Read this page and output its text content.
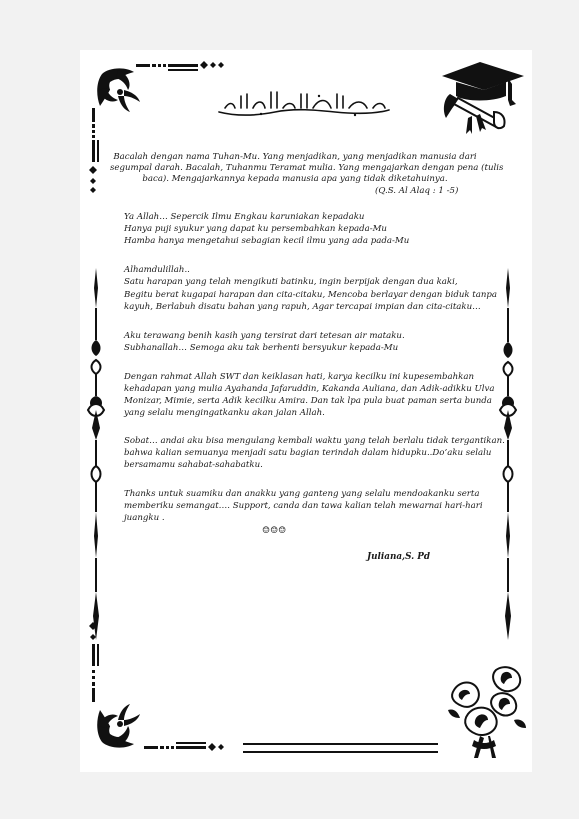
Bacalah dengan nama Tuhan-Mu. Yang menjadikan, yang menjadikan manusia dari
segumpal darah. Bacalah, Tuhanmu Teramat mulia. Yang mengajarkan dengan pena (tulis
baca). Mengajarkannya kepada manusia apa yang tidak diketahuinya.
(Q.S. Al Alaq : 1 -5)
Ya Allah… Sepercik Ilmu Engkau karuniakan kepadaku
Hanya puji syukur yang dapat ku persembahkan kepada-Mu
Hamba hanya mengetahui sebagian kecil ilmu yang ada pada-Mu
Alhamdulillah..
Satu harapan yang telah mengikuti batinku, ingin berpijak dengan dua kaki,
Begitu berat kugapai harapan dan cita-citaku, Mencoba berlayar dengan biduk tanpa
kayuh, Berlabuh disatu bahan yang rapuh, Agar tercapai impian dan cita-citaku…
Aku terawang benih kasih yang tersirat dari tetesan air mataku.
Subhanallah… Semoga aku tak berhenti bersyukur kepada-Mu
Dengan rahmat Allah SWT dan keiklasan hati, karya kecilku ini kupesembahkan
kehadapan yang mulia Ayahanda Jafaruddin, Kakanda Auliana, dan Adik-adikku Ulva
Monizar, Mimie, serta Adik kecilku Amira. Dan tak lpa pula buat paman serta bunda
yang selalu mengingatkanku akan jalan Allah.
Sobat… andai aku bisa mengulang kembali waktu yang telah berlalu tidak tergantikan.
bahwa kalian semuanya menjadi satu bagian terindah dalam hidupku..Do’aku selalu
bersamamu sahabat-sahabatku.
Thanks untuk suamiku dan anakku yang ganteng yang selalu mendoakanku serta
memberiku semangat…. Support, canda dan tawa kalian telah mewarnai hari-hari
juangku .
☺☺☺
Juliana,S. Pd
